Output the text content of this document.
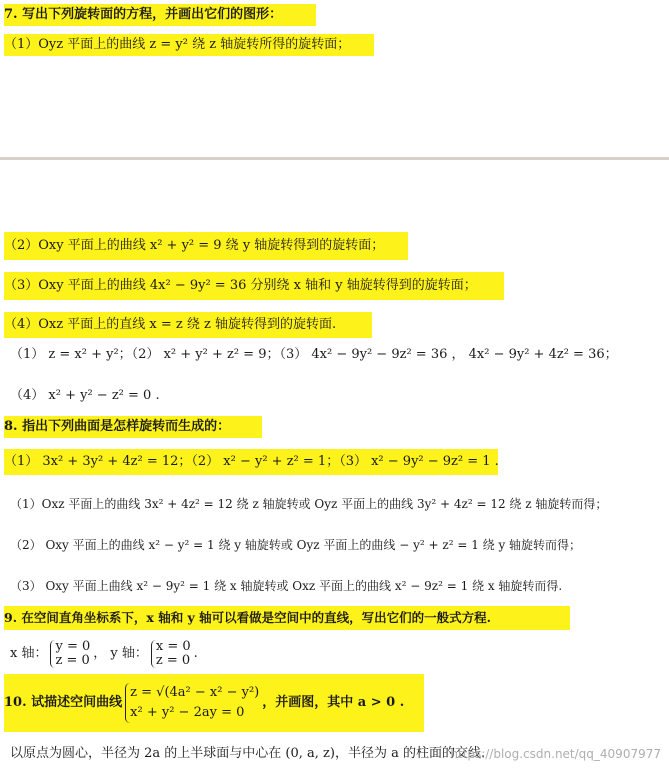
7. 写出下列旋转面的方程，并画出它们的图形：
（1）Oyz 平面上的曲线 z = y² 绕 z 轴旋转所得的旋转面；
（2）Oxy 平面上的曲线 x² + y² = 9 绕 y 轴旋转得到的旋转面；
（3）Oxy 平面上的曲线 4x² − 9y² = 36 分别绕 x 轴和 y 轴旋转得到的旋转面；
（4）Oxz 平面上的直线 x = z 绕 z 轴旋转得到的旋转面.
（1） z = x² + y²；（2） x² + y² + z² = 9；（3） 4x² − 9y² − 9z² = 36 ， 4x² − 9y² + 4z² = 36；
（4） x² + y² − z² = 0 .
8. 指出下列曲面是怎样旋转而生成的：
（1） 3x² + 3y² + 4z² = 12；（2） x² − y² + z² = 1；（3） x² − 9y² − 9z² = 1 .
（1）Oxz 平面上的曲线 3x² + 4z² = 12 绕 z 轴旋转或 Oyz 平面上的曲线 3y² + 4z² = 12 绕 z 轴旋转而得；
（2） Oxy 平面上的曲线 x² − y² = 1 绕 y 轴旋转或 Oyz 平面上的曲线 − y² + z² = 1 绕 y 轴旋转而得；
（3） Oxy 平面上曲线 x² − 9y² = 1 绕 x 轴旋转或 Oxz 平面上的曲线 x² − 9z² = 1 绕 x 轴旋转而得.
9. 在空间直角坐标系下，x 轴和 y 轴可以看做是空间中的直线，写出它们的一般式方程.
x 轴： y = 0
z = 0 ， y 轴： x = 0
z = 0 .
10. 试描述空间曲线
z = √(4a² − x² − y²)
x² + y² − 2ay = 0
，并画图，其中 a > 0 .
以原点为圆心，半径为 2a 的上半球面与中心在 (0, a, z)，半径为 a 的柱面的交线.
https://blog.csdn.net/qq_40907977
